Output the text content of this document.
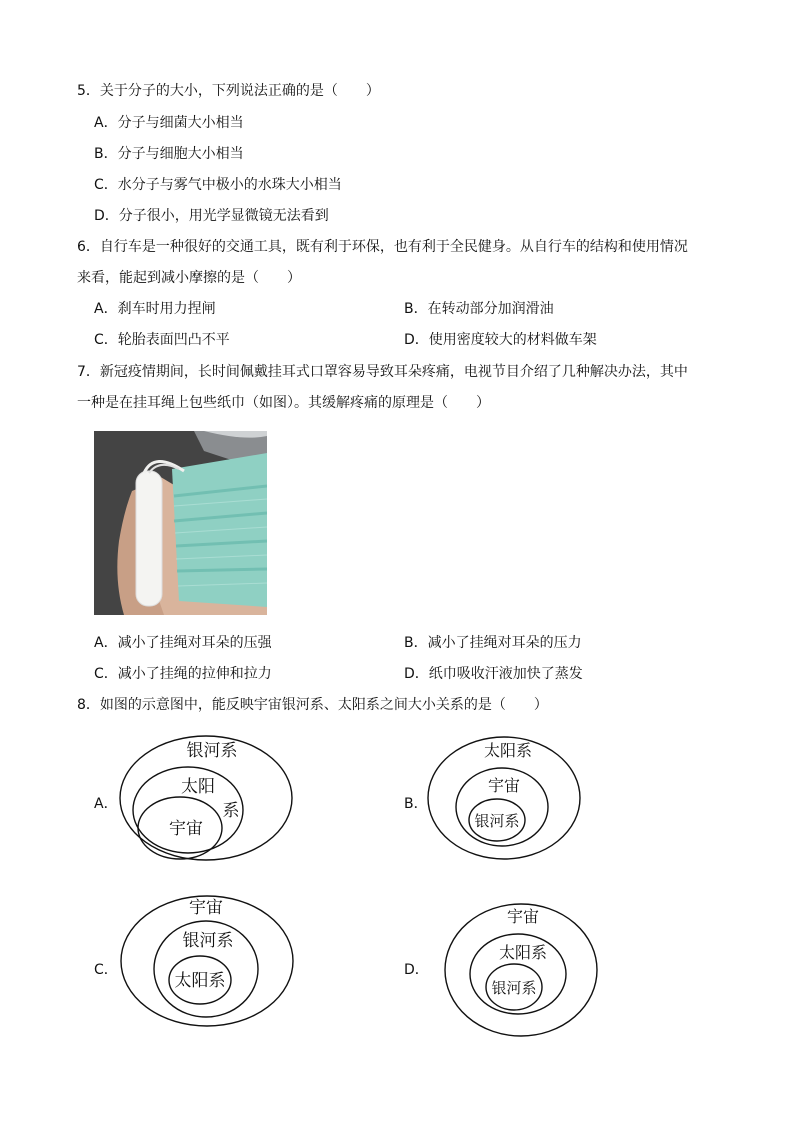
5．关于分子的大小，下列说法正确的是（　　）
A．分子与细菌大小相当
B．分子与细胞大小相当
C．水分子与雾气中极小的水珠大小相当
D．分子很小，用光学显微镜无法看到
6．自行车是一种很好的交通工具，既有利于环保，也有利于全民健身。从自行车的结构和使用情况
来看，能起到减小摩擦的是（　　）
A．刹车时用力捏闸	B．在转动部分加润滑油
C．轮胎表面凹凸不平	D．使用密度较大的材料做车架
7．新冠疫情期间，长时间佩戴挂耳式口罩容易导致耳朵疼痛，电视节目介绍了几种解决办法，其中
一种是在挂耳绳上包些纸巾（如图）。其缓解疼痛的原理是（　　）
A．减小了挂绳对耳朵的压强	B．减小了挂绳对耳朵的压力
C．减小了挂绳的拉伸和拉力	D．纸巾吸收汗液加快了蒸发
8．如图的示意图中，能反映宇宙银河系、太阳系之间大小关系的是（　　）
A．
银河系
太阳
系
宇宙
B．
太阳系
宇宙
银河系
C．
宇宙
银河系
太阳系
D．
宇宙
太阳系
银河系
